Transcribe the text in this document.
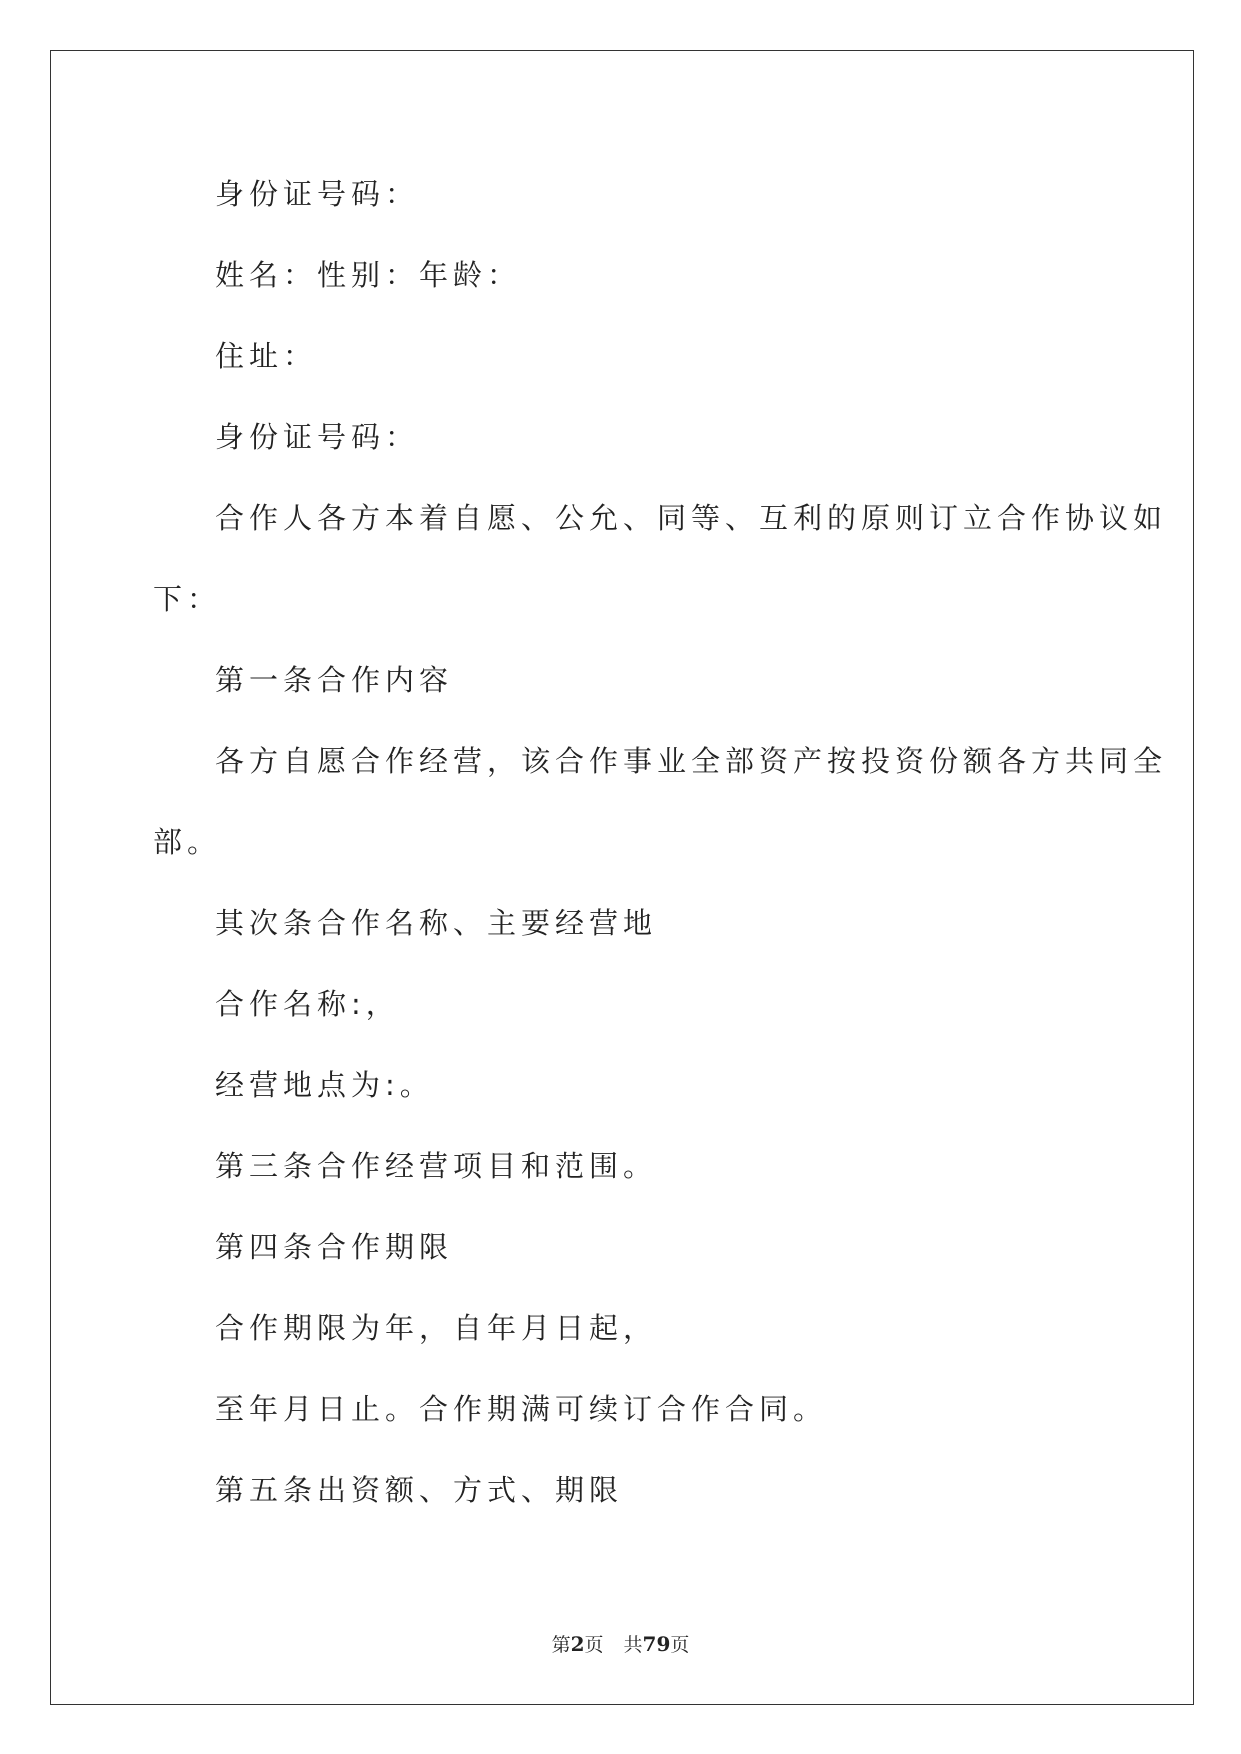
身份证号码：
姓名：性别：年龄：
住址：
身份证号码：
合作人各方本着自愿、公允、同等、互利的原则订立合作协议如
下：
第一条合作内容
各方自愿合作经营，该合作事业全部资产按投资份额各方共同全
部。
其次条合作名称、主要经营地
合作名称:，
经营地点为:。
第三条合作经营项目和范围。
第四条合作期限
合作期限为年，自年月日起，
至年月日止。合作期满可续订合作合同。
第五条出资额、方式、期限
第2页 共79页
